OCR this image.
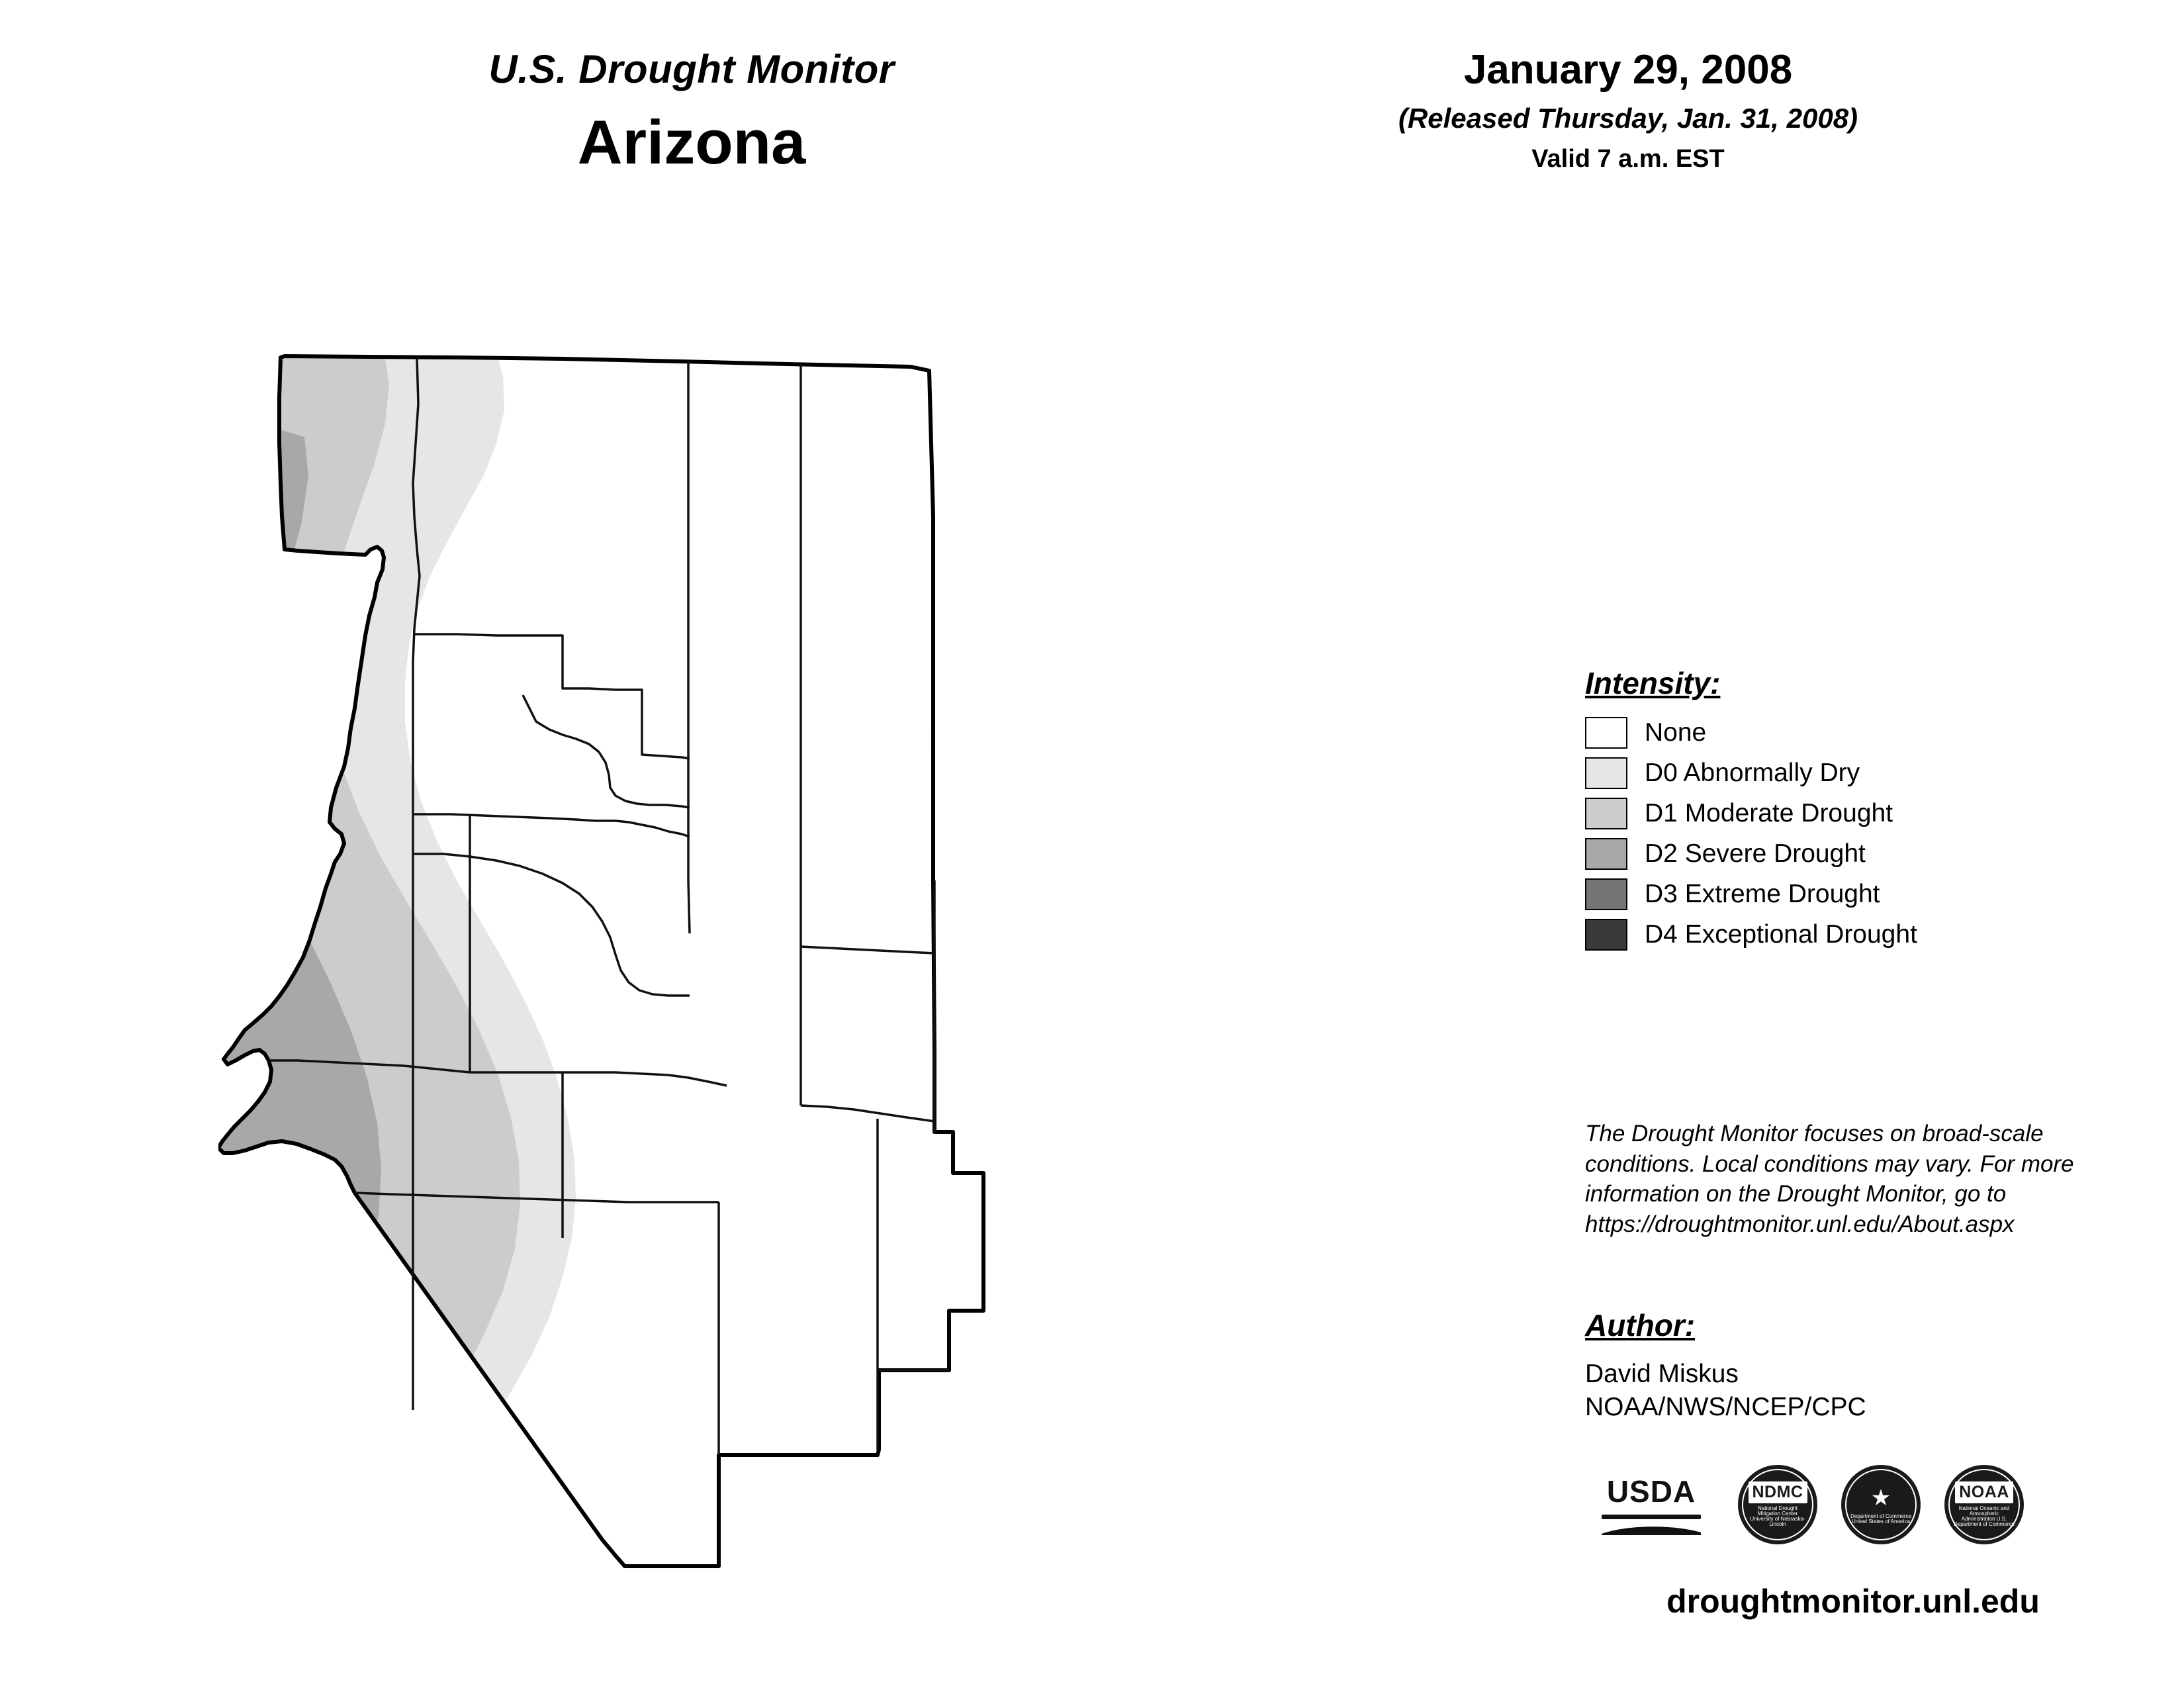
U.S. Drought Monitor
Arizona
January 29, 2008
(Released Thursday, Jan. 31, 2008)
Valid 7 a.m. EST
Intensity:
None
D0 Abnormally Dry
D1 Moderate Drought
D2 Severe Drought
D3 Extreme Drought
D4 Exceptional Drought
The Drought Monitor focuses on broad-scale conditions. Local conditions may vary. For more information on the Drought Monitor, go to https://droughtmonitor.unl.edu/About.aspx
Author:
David Miskus
NOAA/NWS/NCEP/CPC
USDA	NDMC
National Drought Mitigation Center University of Nebraska-Lincoln
★
Department of Commerce United States of America
NOAA
National Oceanic and Atmospheric Administration U.S. Department of Commerce
droughtmonitor.unl.edu
